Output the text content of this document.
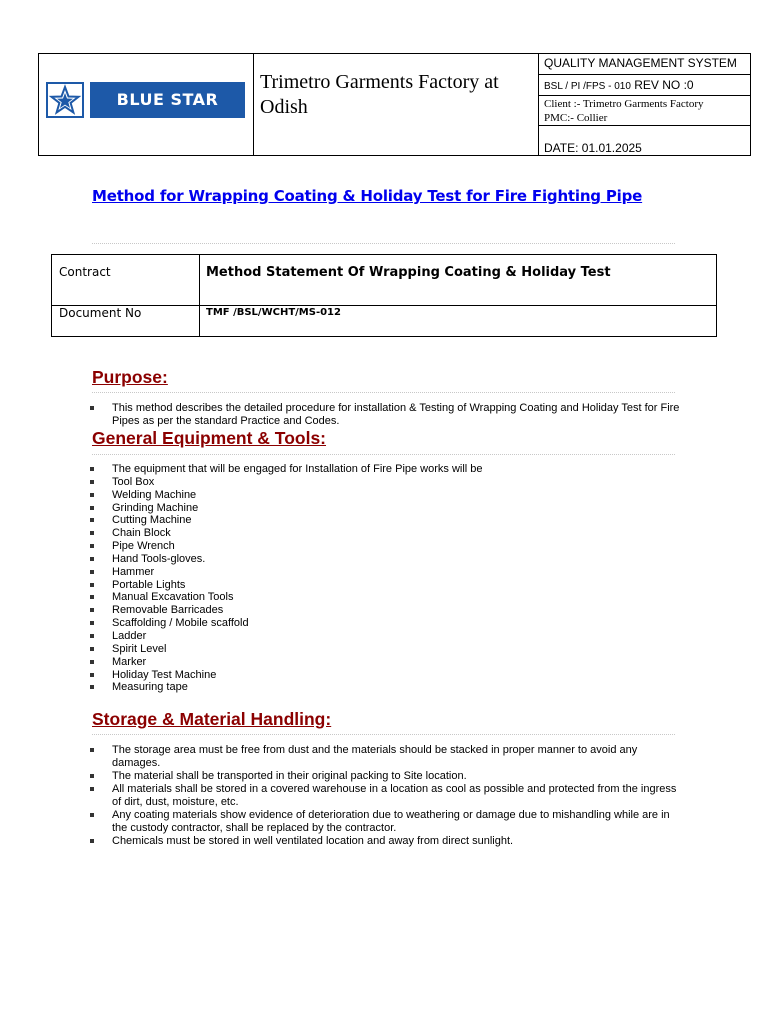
BLUE STAR
Trimetro Garments Factory at Odish
QUALITY MANAGEMENT SYSTEM
BSL / PI /FPS - 010 REV NO :0
Client :- Trimetro Garments Factory
PMC:- Collier
DATE: 01.01.2025
Method for Wrapping Coating & Holiday Test for Fire Fighting Pipe
Contract	Method Statement Of Wrapping Coating & Holiday Test
Document No	TMF /BSL/WCHT/MS-012
Purpose:
This method describes the detailed procedure for installation & Testing of Wrapping Coating and Holiday Test for Fire Pipes as per the standard Practice and Codes.
General Equipment & Tools:
The equipment that will be engaged for Installation of Fire Pipe works will be
Tool Box
Welding Machine
Grinding Machine
Cutting Machine
Chain Block
Pipe Wrench
Hand Tools-gloves.
Hammer
Portable Lights
Manual Excavation Tools
Removable Barricades
Scaffolding / Mobile scaffold
Ladder
Spirit Level
Marker
Holiday Test Machine
Measuring tape
Storage & Material Handling:
The storage area must be free from dust and the materials should be stacked in proper manner to avoid any damages.
The material shall be transported in their original packing to Site location.
All materials shall be stored in a covered warehouse in a location as cool as possible and protected from the ingress of dirt, dust, moisture, etc.
Any coating materials show evidence of deterioration due to weathering or damage due to mishandling while are in the custody contractor, shall be replaced by the contractor.
Chemicals must be stored in well ventilated location and away from direct sunlight.
